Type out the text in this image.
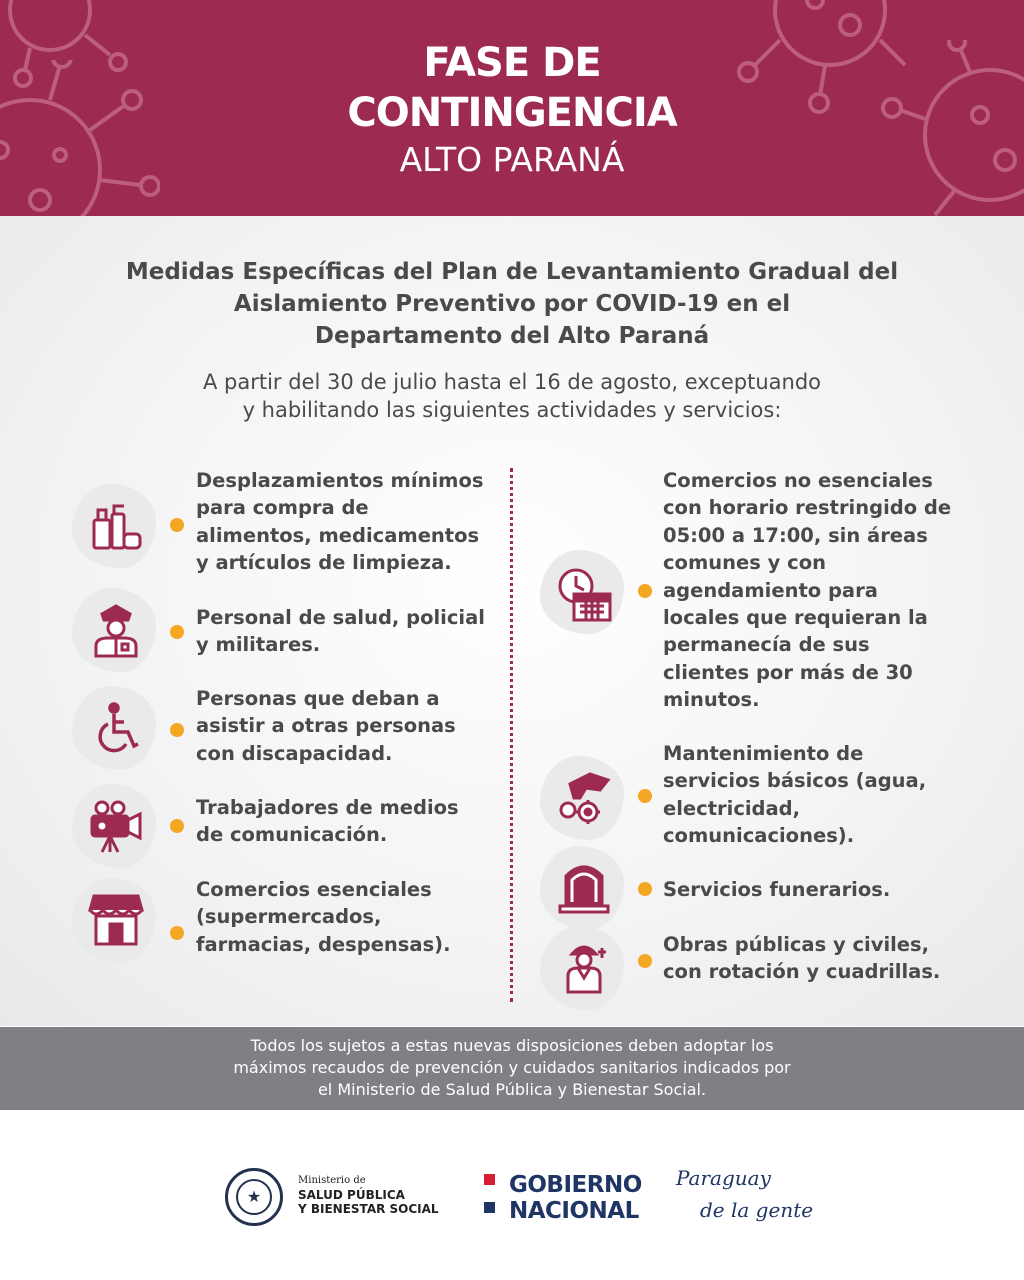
FASE DE
CONTINGENCIA
ALTO PARANÁ
Medidas Específicas del Plan de Levantamiento Gradual del
Aislamiento Preventivo por COVID-19 en el
Departamento del Alto Paraná
A partir del 30 de julio hasta el 16 de agosto, exceptuando
y habilitando las siguientes actividades y servicios:
Desplazamientos mínimos
para compra de
alimentos, medicamentos
y artículos de limpieza.
Personal de salud, policial
y militares.
Personas que deban a
asistir a otras personas
con discapacidad.
Trabajadores de medios
de comunicación.
Comercios esenciales
(supermercados,
farmacias, despensas).
Comercios no esenciales
con horario restringido de
05:00 a 17:00, sin áreas
comunes y con
agendamiento para
locales que requieran la
permanecía de sus
clientes por más de 30
minutos.
Mantenimiento de
servicios básicos (agua,
electricidad,
comunicaciones).
Servicios funerarios.
Obras públicas y civiles,
con rotación y cuadrillas.
Todos los sujetos a estas nuevas disposiciones deben adoptar los
máximos recaudos de prevención y cuidados sanitarios indicados por
el Ministerio de Salud Pública y Bienestar Social.
★
Ministerio de
SALUD PÚBLICA
Y BIENESTAR SOCIAL
GOBIERNO
NACIONAL
Paraguay
de la gente
